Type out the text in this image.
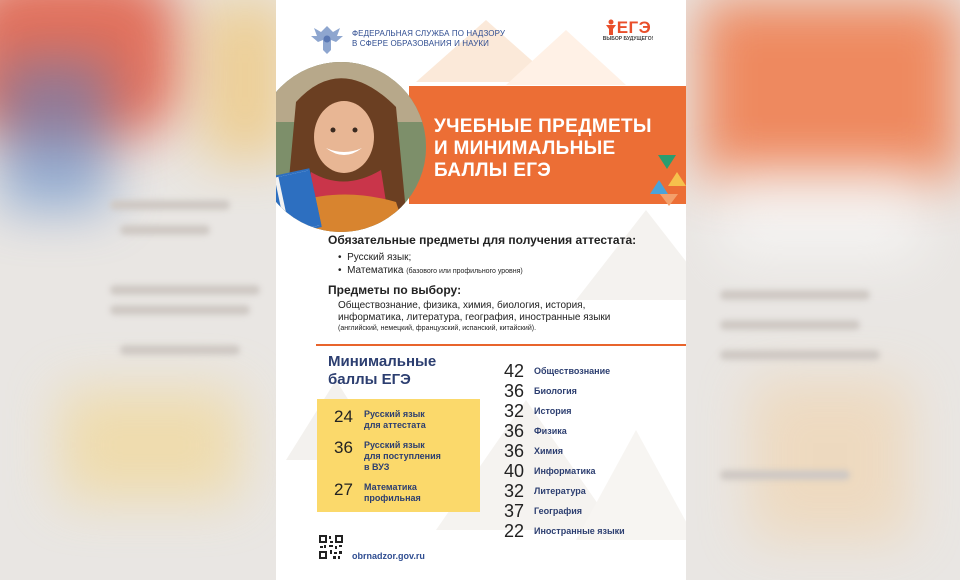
ФЕДЕРАЛЬНАЯ СЛУЖБА ПО НАДЗОРУ
В СФЕРЕ ОБРАЗОВАНИЯ И НАУКИ
ЕГЭ
ВЫБОР БУДУЩЕГО!
УЧЕБНЫЕ ПРЕДМЕТЫ
И МИНИМАЛЬНЫЕ
БАЛЛЫ ЕГЭ
Обязательные предметы для получения аттестата:
•  Русский язык;
•  Математика (базового или профильного уровня)
Предметы по выбору:
Обществознание, физика, химия, биология, история,
информатика, литература, география, иностранные языки
(английский, немецкий, французский, испанский, китайский).
Минимальные
баллы ЕГЭ
24	Русский язык
для аттестата
36	Русский язык
для поступления
в ВУЗ
27	Математика
профильная
42 Обществознание
36 Биология
32 История
36 Физика
36 Химия
40 Информатика
32 Литература
37 География
22 Иностранные языки
obrnadzor.gov.ru
